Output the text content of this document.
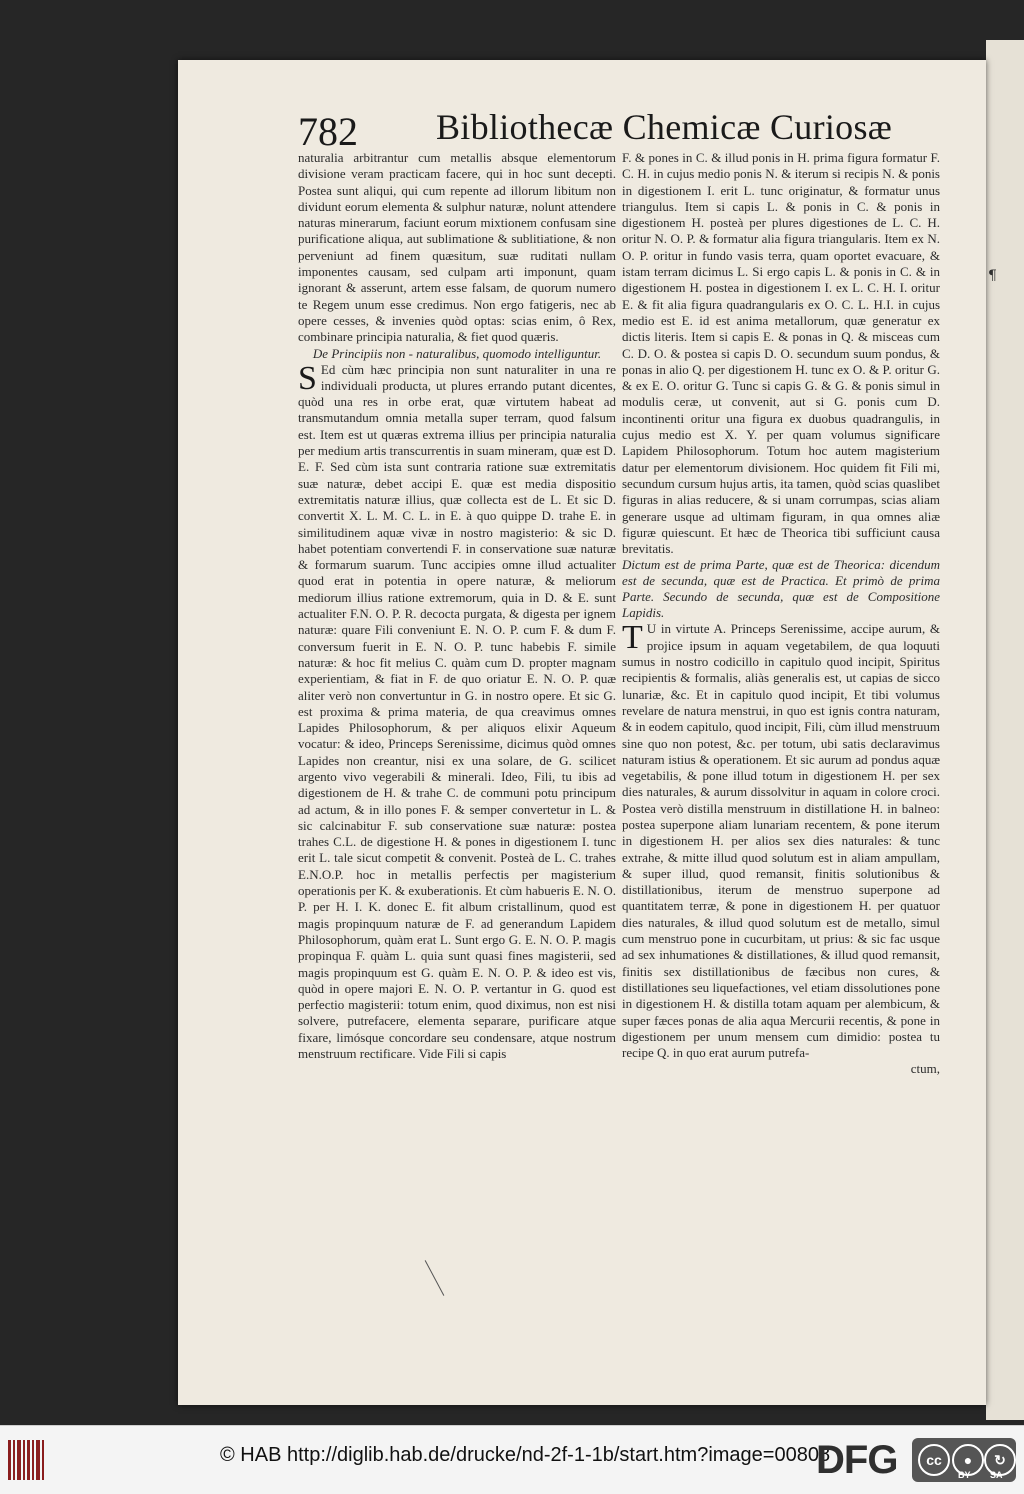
¶
782 Bibliothecæ Chemicæ Curiosæ

naturalia arbitrantur cum metallis absque elementorum divisione veram practicam facere, qui in hoc sunt decepti. Postea sunt aliqui, qui cum repente ad illorum libitum non dividunt eorum elementa & sulphur naturæ, nolunt attendere naturas minerarum, faciunt eorum mixtionem confusam sine purificatione aliqua, aut sublimatione & sublitiatione, & non perveniunt ad finem quæsitum, suæ ruditati nullam imponentes causam, sed culpam arti imponunt, quam ignorant & asserunt, artem esse falsam, de quorum numero te Regem unum esse credimus. Non ergo fatigeris, nec ab opere cesses, & invenies quòd optas: scias enim, ô Rex, combinare principia naturalia, & fiet quod quæris.

De Principiis non - naturalibus, quomodo intelliguntur.

S Ed cùm hæc principia non sunt naturaliter in una re individuali producta, ut plures errando putant dicentes, quòd una res in orbe erat, quæ virtutem habeat ad transmutandum omnia metalla super terram, quod falsum est. Item est ut quæras extrema illius per principia naturalia per medium artis transcurrentis in suam mineram, quæ est D. E. F. Sed cùm ista sunt contraria ratione suæ extremitatis suæ naturæ, debet accipi E. quæ est media dispositio extremitatis naturæ illius, quæ collecta est de L. Et sic D. convertit X. L. M. C. L. in E. à quo quippe D. trahe E. in similitudinem aquæ vivæ in nostro magisterio: & sic D. habet potentiam convertendi F. in conservatione suæ naturæ & formarum suarum. Tunc accipies omne illud actualiter quod erat in potentia in opere naturæ, & meliorum mediorum illius ratione extremorum, quia in D. & E. sunt actualiter F.N. O. P. R. decocta purgata, & digesta per ignem naturæ: quare Fili conveniunt E. N. O. P. cum F. & dum F. conversum fuerit in E. N. O. P. tunc habebis F. simile naturæ: & hoc fit melius C. quàm cum D. propter magnam experientiam, & fiat in F. de quo oriatur E. N. O. P. quæ aliter verò non convertuntur in G. in nostro opere. Et sic G. est proxima & prima materia, de qua creavimus omnes Lapides Philosophorum, & per aliquos elixir Aqueum vocatur: & ideo, Princeps Serenissime, dicimus quòd omnes Lapides non creantur, nisi ex una solare, de G. scilicet argento vivo vegerabili & minerali. Ideo, Fili, tu ibis ad digestionem de H. & trahe C. de communi potu principum ad actum, & in illo pones F. & semper convertetur in L. & sic calcinabitur F. sub conservatione suæ naturæ: postea trahes C.L. de digestione H. & pones in digestionem I. tunc erit L. tale sicut competit & convenit. Posteà de L. C. trahes E.N.O.P. hoc in metallis perfectis per magisterium operationis per K. & exuberationis. Et cùm habueris E. N. O. P. per H. I. K. donec E. fit album cristallinum, quod est magis propinquum naturæ de F. ad generandum Lapidem Philosophorum, quàm erat L. Sunt ergo G. E. N. O. P. magis propinqua F. quàm L. quia sunt quasi fines magisterii, sed magis propinquum est G. quàm E. N. O. P. & ideo est vis, quòd in opere majori E. N. O. P. vertantur in G. quod est perfectio magisterii: totum enim, quod diximus, non est nisi solvere, putrefacere, elementa separare, purificare atque fixare, limósque concordare seu condensare, atque nostrum menstruum rectificare. Vide Fili si capis

F. & pones in C. & illud ponis in H. prima figura formatur F. C. H. in cujus medio ponis N. & iterum si recipis N. & ponis in digestionem I. erit L. tunc originatur, & formatur unus triangulus. Item si capis L. & ponis in C. & ponis in digestionem H. posteà per plures digestiones de L. C. H. oritur N. O. P. & formatur alia figura triangularis. Item ex N. O. P. oritur in fundo vasis terra, quam oportet evacuare, & istam terram dicimus L. Si ergo capis L. & ponis in C. & in digestionem H. postea in digestionem I. ex L. C. H. I. oritur E. & fit alia figura quadrangularis ex O. C. L. H.I. in cujus medio est E. id est anima metallorum, quæ generatur ex dictis literis. Item si capis E. & ponas in Q. & misceas cum C. D. O. & postea si capis D. O. secundum suum pondus, & ponas in alio Q. per digestionem H. tunc ex O. & P. oritur G. & ex E. O. oritur G. Tunc si capis G. & G. & ponis simul in modulis ceræ, ut convenit, aut si G. ponis cum D. incontinenti oritur una figura ex duobus quadrangulis, in cujus medio est X. Y. per quam volumus significare Lapidem Philosophorum. Totum hoc autem magisterium datur per elementorum divisionem. Hoc quidem fit Fili mi, secundum cursum hujus artis, ita tamen, quòd scias quaslibet figuras in alias reducere, & si unam corrumpas, scias aliam generare usque ad ultimam figuram, in qua omnes aliæ figuræ quiescunt. Et hæc de Theorica tibi sufficiunt causa brevitatis.

Dictum est de prima Parte, quæ est de Theorica: dicendum est de secunda, quæ est de Practica. Et primò de prima Parte. Secundo de secunda, quæ est de Compositione Lapidis.

T U in virtute A. Princeps Serenissime, accipe aurum, & projice ipsum in aquam vegetabilem, de qua loquuti sumus in nostro codicillo in capitulo quod incipit, Spiritus recipientis & formalis, aliàs generalis est, ut capias de sicco lunariæ, &c. Et in capitulo quod incipit, Et tibi volumus revelare de natura menstrui, in quo est ignis contra naturam, & in eodem capitulo, quod incipit, Fili, cùm illud menstruum sine quo non potest, &c. per totum, ubi satis declaravimus naturam istius & operationem. Et sic aurum ad pondus aquæ vegetabilis, & pone illud totum in digestionem H. per sex dies naturales, & aurum dissolvitur in aquam in colore croci. Postea verò distilla menstruum in distillatione H. in balneo: postea superpone aliam lunariam recentem, & pone iterum in digestionem H. per alios sex dies naturales: & tunc extrahe, & mitte illud quod solutum est in aliam ampullam, & super illud, quod remansit, finitis solutionibus & distillationibus, iterum de menstruo superpone ad quantitatem terræ, & pone in digestionem H. per quatuor dies naturales, & illud quod solutum est de metallo, simul cum menstruo pone in cucurbitam, ut prius: & sic fac usque ad sex inhumationes & distillationes, & illud quod remansit, finitis sex distillationibus de fæcibus non cures, & distillationes seu liquefactiones, vel etiam dissolutiones pone in digestionem H. & distilla totam aquam per alembicum, & super fæces ponas de alia aqua Mercurii recentis, & pone in digestionem per unum mensem cum dimidio: postea tu recipe Q. in quo erat aurum putrefa-

ctum,

© HAB http://diglib.hab.de/drucke/nd-2f-1-1b/start.htm?image=00808
DFG	cc	●	↻
BY SA
